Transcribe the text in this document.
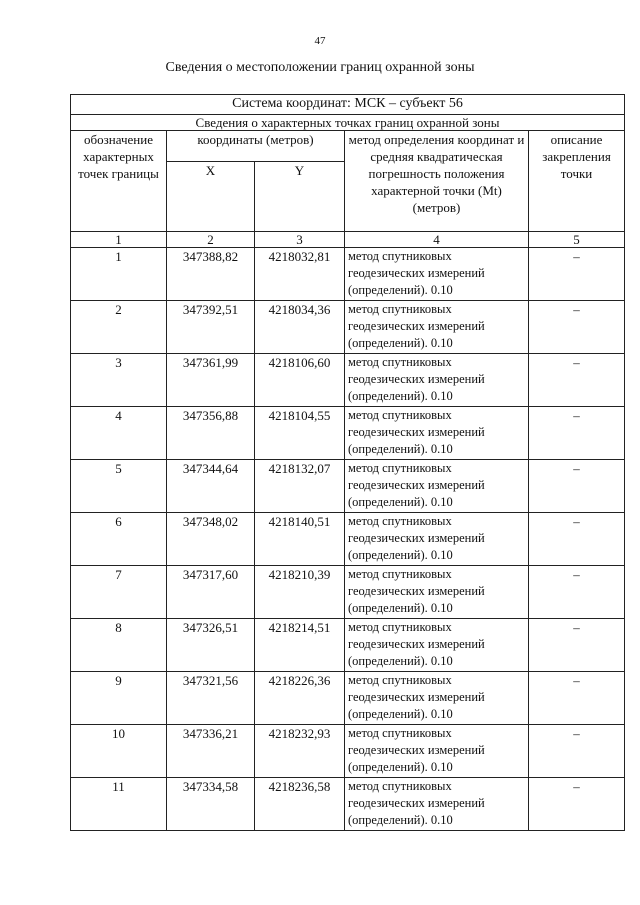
47
Сведения о местоположении границ охранной зоны
Система координат: МСК – субъект 56				
Сведения о характерных точках границ охранной зоны				
обозначение характерных точек границы	координаты (метров)		метод определения координат и средняя квадратическая погрешность положения характерной точки (Mt) (метров)	описание закрепления точки
	X	Y		
1	2	3	4	5
1	347388,82	4218032,81	метод спутниковых геодезических измерений (определений). 0.10	–
2	347392,51	4218034,36	метод спутниковых геодезических измерений (определений). 0.10	–
3	347361,99	4218106,60	метод спутниковых геодезических измерений (определений). 0.10	–
4	347356,88	4218104,55	метод спутниковых геодезических измерений (определений). 0.10	–
5	347344,64	4218132,07	метод спутниковых геодезических измерений (определений). 0.10	–
6	347348,02	4218140,51	метод спутниковых геодезических измерений (определений). 0.10	–
7	347317,60	4218210,39	метод спутниковых геодезических измерений (определений). 0.10	–
8	347326,51	4218214,51	метод спутниковых геодезических измерений (определений). 0.10	–
9	347321,56	4218226,36	метод спутниковых геодезических измерений (определений). 0.10	–
10	347336,21	4218232,93	метод спутниковых геодезических измерений (определений). 0.10	–
11	347334,58	4218236,58	метод спутниковых геодезических измерений (определений). 0.10	–
